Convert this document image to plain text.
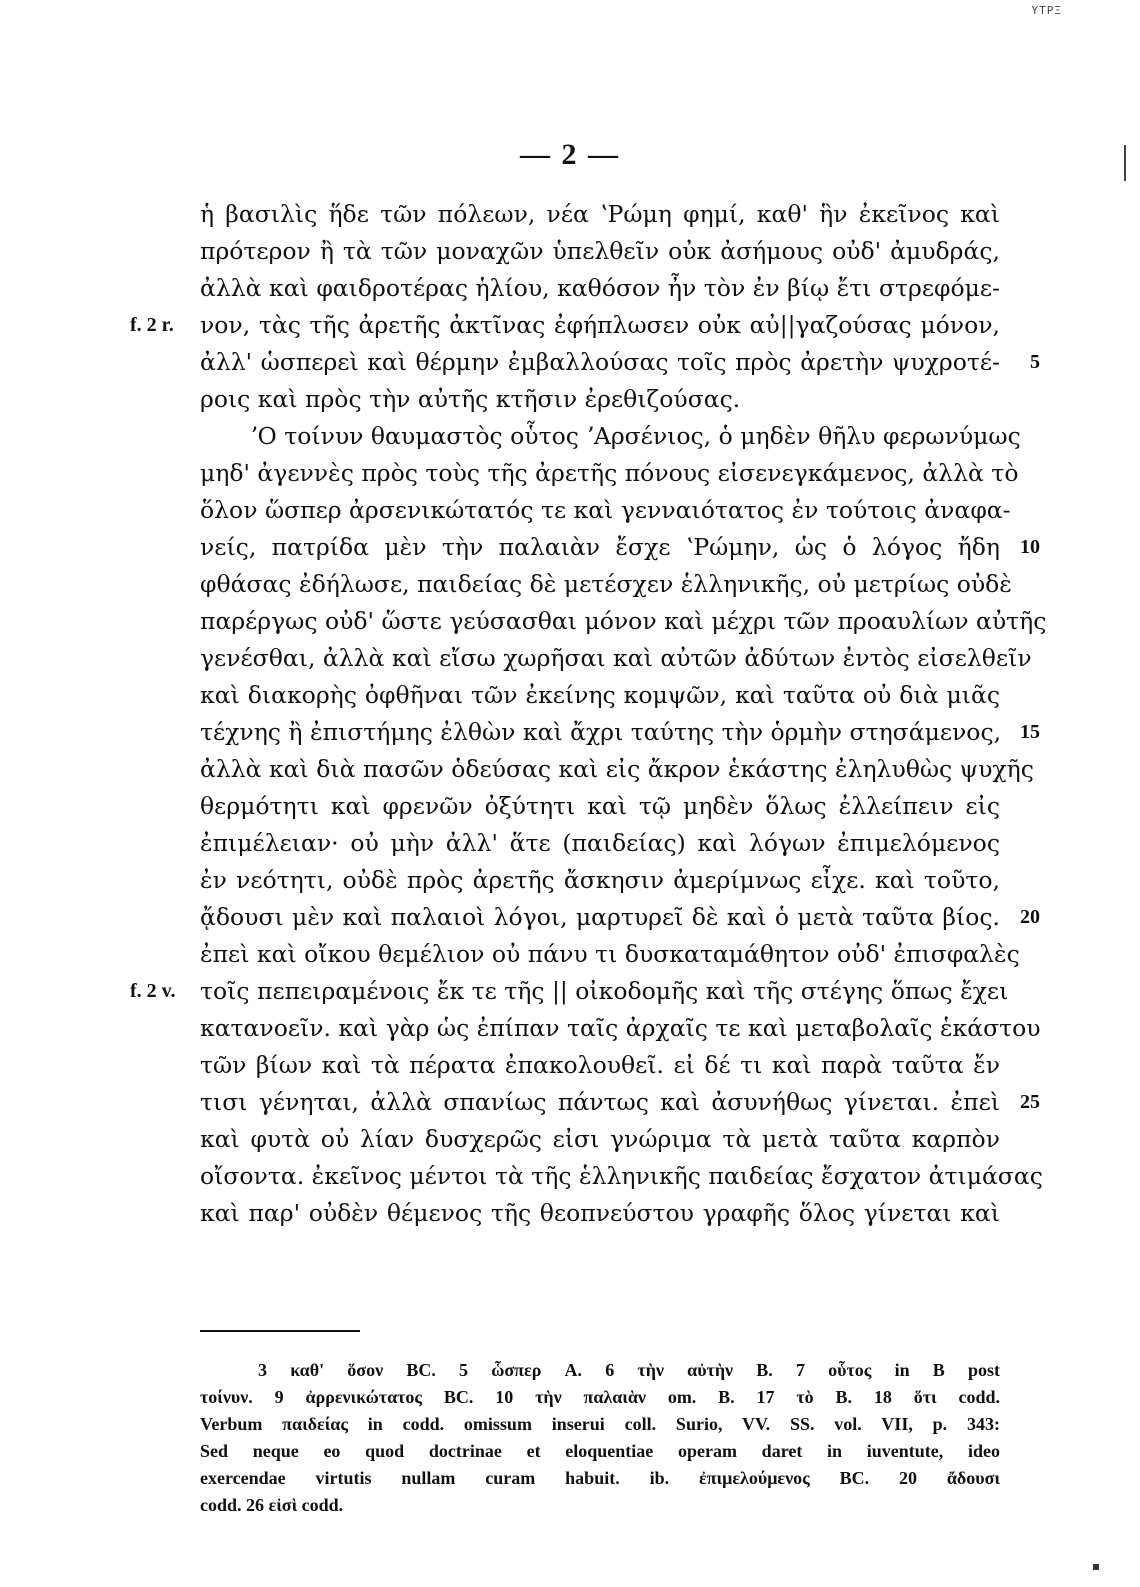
ΥΤΡΞ
— 2 —
ἡ βασιλὶς ἥδε τῶν πόλεων, νέα ʽΡώμη φημί, καθ' ἣν ἐκεῖνος καὶ
πρότερον ἢ τὰ τῶν μοναχῶν ὑπελθεῖν οὐκ ἀσήμους οὐδ' ἀμυδράς,
ἀλλὰ καὶ φαιδροτέρας ἡλίου, καθόσον ἦν τὸν ἐν βίῳ ἔτι στρεφόμε-
f. 2 r. νον, τὰς τῆς ἀρετῆς ἀκτῖνας ἐφήπλωσεν οὐκ αὐ||γαζούσας μόνον,
ἀλλ' ὡσπερεὶ καὶ θέρμην ἐμβαλλούσας τοῖς πρὸς ἀρετὴν ψυχροτέ- 5
ροις καὶ πρὸς τὴν αὐτῆς κτῆσιν ἐρεθιζούσας.
ʼΟ τοίνυν θαυμαστὸς οὗτος ʼΑρσένιος, ὁ μηδὲν θῆλυ φερωνύμως
μηδ' ἀγεννὲς πρὸς τοὺς τῆς ἀρετῆς πόνους εἰσενεγκάμενος, ἀλλὰ τὸ
ὅλον ὥσπερ ἀρσενικώτατός τε καὶ γενναιότατος ἐν τούτοις ἀναφα-
νείς, πατρίδα μὲν τὴν παλαιὰν ἔσχε ʽΡώμην, ὡς ὁ λόγος ἤδη 10
φθάσας ἐδήλωσε, παιδείας δὲ μετέσχεν ἑλληνικῆς, οὐ μετρίως οὐδὲ
παρέργως οὐδ' ὥστε γεύσασθαι μόνον καὶ μέχρι τῶν προαυλίων αὐτῆς
γενέσθαι, ἀλλὰ καὶ εἴσω χωρῆσαι καὶ αὐτῶν ἀδύτων ἐντὸς εἰσελθεῖν
καὶ διακορὴς ὀφθῆναι τῶν ἐκείνης κομψῶν, καὶ ταῦτα οὐ διὰ μιᾶς
τέχνης ἢ ἐπιστήμης ἐλθὼν καὶ ἄχρι ταύτης τὴν ὁρμὴν στησάμενος, 15
ἀλλὰ καὶ διὰ πασῶν ὁδεύσας καὶ εἰς ἄκρον ἑκάστης ἐληλυθὼς ψυχῆς
θερμότητι καὶ φρενῶν ὀξύτητι καὶ τῷ μηδὲν ὅλως ἐλλείπειν εἰς
ἐπιμέλειαν· οὐ μὴν ἀλλ' ἅτε (παιδείας) καὶ λόγων ἐπιμελόμενος
ἐν νεότητι, οὐδὲ πρὸς ἀρετῆς ἄσκησιν ἀμερίμνως εἶχε. καὶ τοῦτο,
ᾄδουσι μὲν καὶ παλαιοὶ λόγοι, μαρτυρεῖ δὲ καὶ ὁ μετὰ ταῦτα βίος. 20
ἐπεὶ καὶ οἴκου θεμέλιον οὐ πάνυ τι δυσκαταμάθητον οὐδ' ἐπισφαλὲς
f. 2 v. τοῖς πεπειραμένοις ἔκ τε τῆς || οἰκοδομῆς καὶ τῆς στέγης ὅπως ἔχει
κατανοεῖν. καὶ γὰρ ὡς ἐπίπαν ταῖς ἀρχαῖς τε καὶ μεταβολαῖς ἑκάστου
τῶν βίων καὶ τὰ πέρατα ἐπακολουθεῖ. εἰ δέ τι καὶ παρὰ ταῦτα ἔν
τισι γένηται, ἀλλὰ σπανίως πάντως καὶ ἀσυνήθως γίνεται. ἐπεὶ 25
καὶ φυτὰ οὐ λίαν δυσχερῶς εἰσι γνώριμα τὰ μετὰ ταῦτα καρπὸν
οἴσοντα. ἐκεῖνος μέντοι τὰ τῆς ἑλληνικῆς παιδείας ἔσχατον ἀτιμάσας
καὶ παρ' οὐδὲν θέμενος τῆς θεοπνεύστου γραφῆς ὅλος γίνεται καὶ
3 καθ' ὅσον BC. 5 ὧσπερ A. 6 τὴν αὐτὴν B. 7 οὗτος in B post
τοίνυν. 9 ἀρρενικώτατος BC. 10 τὴν παλαιὰν om. B. 17 τὸ B. 18 ὅτι codd.
Verbum παιδείας in codd. omissum inserui coll. Surio, VV. SS. vol. VII, p. 343:
Sed neque eo quod doctrinae et eloquentiae operam daret in iuventute, ideo
exercendae virtutis nullam curam habuit. ib. ἐπιμελούμενος BC. 20 ἄδουσι
codd. 26 εἰσὶ codd.
▪
